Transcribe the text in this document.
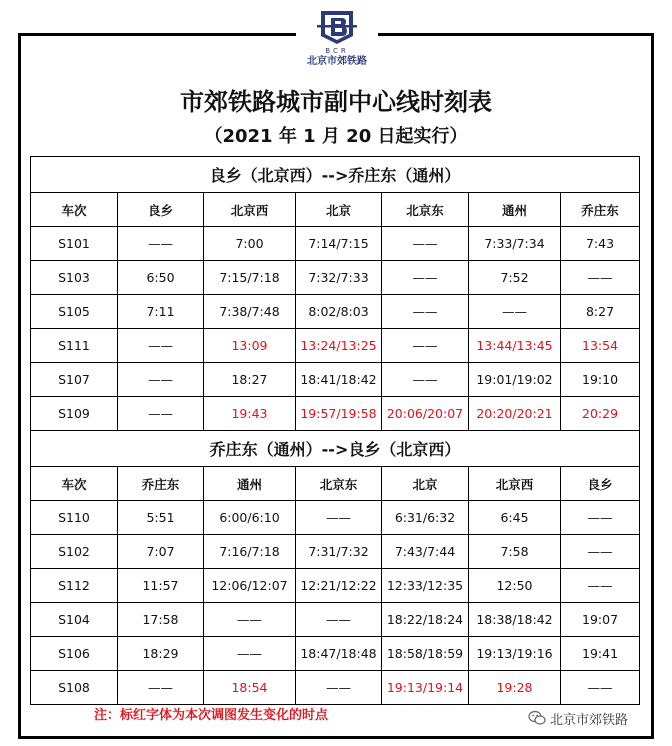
BCR
北京市郊铁路
市郊铁路城市副中心线时刻表
（2021 年 1 月 20 日起实行）
良乡（北京西）-->乔庄东（通州）						
车次	良乡	北京西	北京	北京东	通州	乔庄东
S101	——	7:00	7:14/7:15	——	7:33/7:34	7:43
S103	6:50	7:15/7:18	7:32/7:33	——	7:52	——
S105	7:11	7:38/7:48	8:02/8:03	——	——	8:27
S111	——	13:09	13:24/13:25	——	13:44/13:45	13:54
S107	——	18:27	18:41/18:42	——	19:01/19:02	19:10
S109	——	19:43	19:57/19:58	20:06/20:07	20:20/20:21	20:29
乔庄东（通州）-->良乡（北京西）						
车次	乔庄东	通州	北京东	北京	北京西	良乡
S110	5:51	6:00/6:10	——	6:31/6:32	6:45	——
S102	7:07	7:16/7:18	7:31/7:32	7:43/7:44	7:58	——
S112	11:57	12:06/12:07	12:21/12:22	12:33/12:35	12:50	——
S104	17:58	——	——	18:22/18:24	18:38/18:42	19:07
S106	18:29	——	18:47/18:48	18:58/18:59	19:13/19:16	19:41
S108	——	18:54	——	19:13/19:14	19:28	——
注：标红字体为本次调图发生变化的时点	北京市郊铁路
